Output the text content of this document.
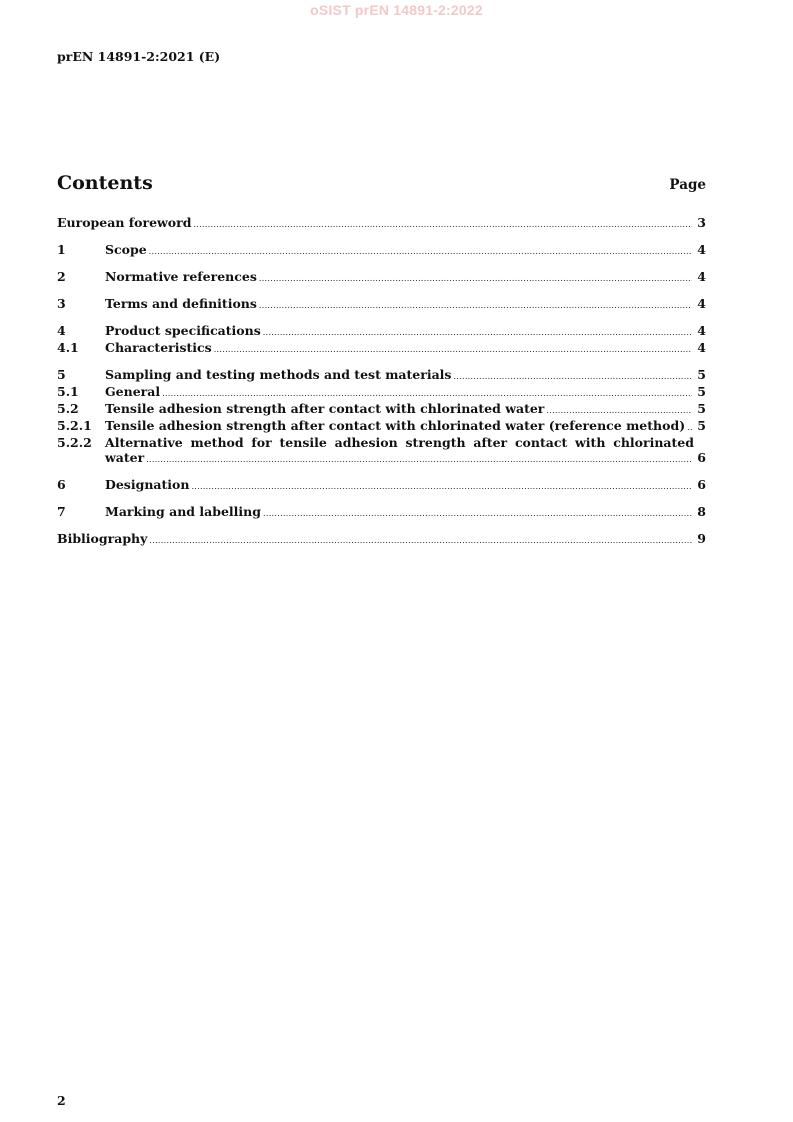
oSIST prEN 14891-2:2022
prEN 14891-2:2021 (E)
Contents	Page
European foreword .....	3
1	Scope .....	4
2	Normative references .....	4
3	Terms and definitions .....	4
4	Product specifications .....	4
4.1	Characteristics .....	4
5	Sampling and testing methods and test materials .....	5
5.1	General .....	5
5.2	Tensile adhesion strength after contact with chlorinated water .....	5
5.2.1	Tensile adhesion strength after contact with chlorinated water (reference method) ..... 5
5.2.2	Alternative method for tensile adhesion strength after contact with chlorinated
water .....	6
6	Designation .....	6
7	Marking and labelling .....	8
Bibliography .....	9
2
